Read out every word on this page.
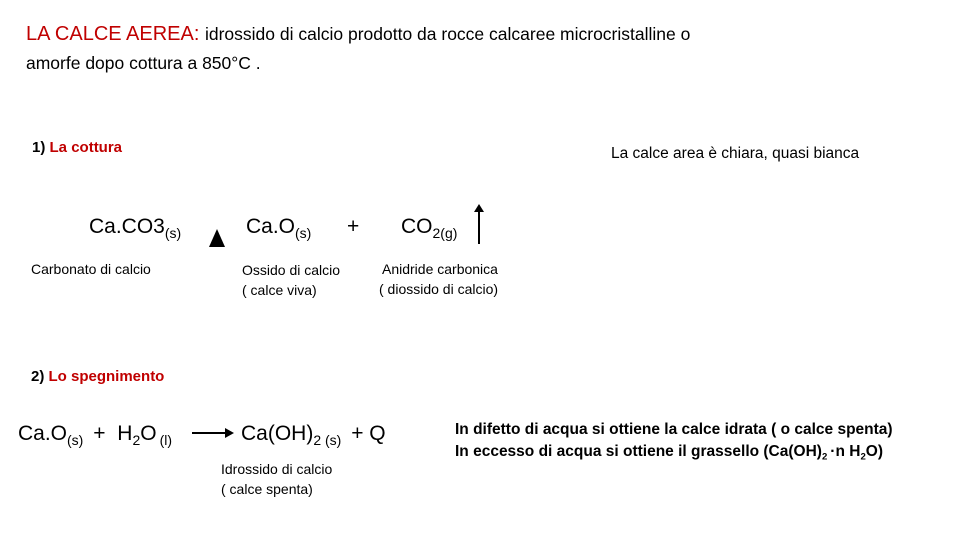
LA CALCE AEREA: idrossido di calcio prodotto da rocce calcaree microcristalline o
amorfe dopo cottura a 850°C .
1) La cottura	La calce area è chiara, quasi bianca
$Ca.CO3_{(s)}$
Carbonato di calcio
$Ca.O_{(s)} + CO_{2(g)}$
Ossido di calcio
( calce viva)
Anidride carbonica
( diossido di calcio)
2) Lo spegnimento
$Ca.O_{(s)} + H_2O$ $_{(l)} \to Ca(OH)_{2 (s)} + Q$
Idrossido di calcio
( calce spenta)
In difetto di acqua si ottiene la calce idrata ( o calce spenta)
In eccesso di acqua si ottiene il grassello ($Ca(OH)_2 \cdot n$ $H_2O$)
